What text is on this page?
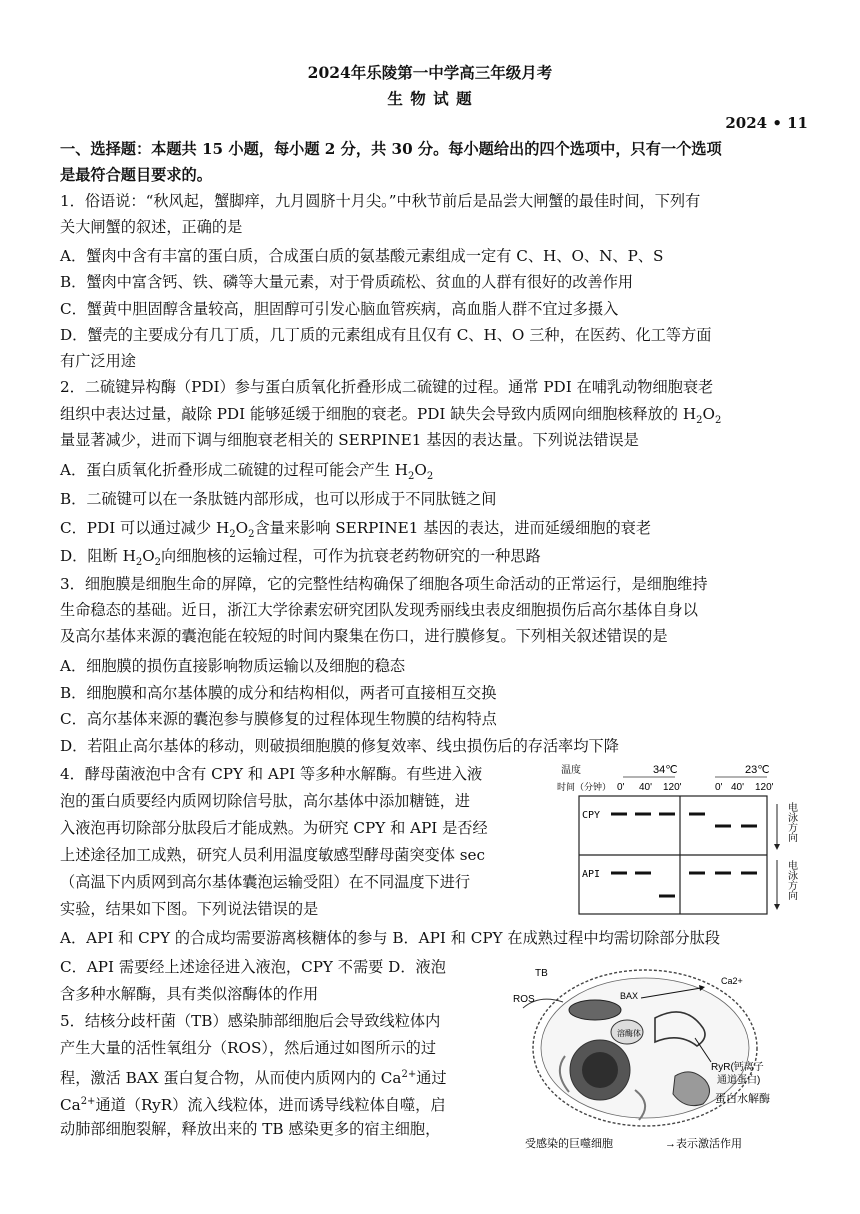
2024年乐陵第一中学高三年级月考
生 物 试 题
2024 • 11
一、选择题：本题共 15 小题，每小题 2 分，共 30 分。每小题给出的四个选项中，只有一个选项
是最符合题目要求的。
1．俗语说：“秋风起，蟹脚痒，九月圆脐十月尖。”中秋节前后是品尝大闸蟹的最佳时间，下列有
关大闸蟹的叙述，正确的是
A．蟹肉中含有丰富的蛋白质，合成蛋白质的氨基酸元素组成一定有 C、H、O、N、P、S
B．蟹肉中富含钙、铁、磷等大量元素，对于骨质疏松、贫血的人群有很好的改善作用
C．蟹黄中胆固醇含量较高，胆固醇可引发心脑血管疾病，高血脂人群不宜过多摄入
D．蟹壳的主要成分有几丁质，几丁质的元素组成有且仅有 C、H、O 三种，在医药、化工等方面
有广泛用途
2．二硫键异构酶（PDI）参与蛋白质氧化折叠形成二硫键的过程。通常 PDI 在哺乳动物细胞衰老
组织中表达过量，敲除 PDI 能够延缓于细胞的衰老。PDI 缺失会导致内质网向细胞核释放的 $H_2O_2$
量显著减少，进而下调与细胞衰老相关的 SERPINE1 基因的表达量。下列说法错误是
A．蛋白质氧化折叠形成二硫键的过程可能会产生 $H_2O_2$
B．二硫键可以在一条肽链内部形成，也可以形成于不同肽链之间
C．PDI 可以通过减少 $H_2O_2$含量来影响 SERPINE1 基因的表达，进而延缓细胞的衰老
D．阻断 $H_2O_2$向细胞核的运输过程，可作为抗衰老药物研究的一种思路
3．细胞膜是细胞生命的屏障，它的完整性结构确保了细胞各项生命活动的正常运行，是细胞维持
生命稳态的基础。近日，浙江大学徐素宏研究团队发现秀丽线虫表皮细胞损伤后高尔基体自身以
及高尔基体来源的囊泡能在较短的时间内聚集在伤口，进行膜修复。下列相关叙述错误的是
A．细胞膜的损伤直接影响物质运输以及细胞的稳态
B．细胞膜和高尔基体膜的成分和结构相似，两者可直接相互交换
C．高尔基体来源的囊泡参与膜修复的过程体现生物膜的结构特点
D．若阻止高尔基体的移动，则破损细胞膜的修复效率、线虫损伤后的存活率均下降
4．酵母菌液泡中含有 CPY 和 API 等多种水解酶。有些进入液
泡的蛋白质要经内质网切除信号肽，高尔基体中添加糖链，进
入液泡再切除部分肽段后才能成熟。为研究 CPY 和 API 是否经
上述途径加工成熟，研究人员利用温度敏感型酵母菌突变体 sec
（高温下内质网到高尔基体囊泡运输受阻）在不同温度下进行
实验，结果如下图。下列说法错误的是
A．API 和 CPY 的合成均需要游离核糖体的参与 B．API 和 CPY 在成熟过程中均需切除部分肽段
C．API 需要经上述途径进入液泡，CPY 不需要 D．液泡
含多种水解酶，具有类似溶酶体的作用
5．结核分歧杆菌（TB）感染肺部细胞后会导致线粒体内
产生大量的活性氧组分（ROS），然后通过如图所示的过
程，激活 BAX 蛋白复合物，从而使内质网内的 $Ca^{2+}$通过
$Ca^{2+}$通道（RyR）流入线粒体，进而诱导线粒体自噬，启
动肺部细胞裂解，释放出来的 TB 感染更多的宿主细胞，
温度
时间（分钟）
34℃	23℃
0' 40' 120'	0' 40' 120'
CPY
API
电泳方向
电泳方向
TB
ROS	BAX
溶酶体
Ca2+
RyR(钙离子
通道蛋白)
蛋白水解酶
受感染的巨噬细胞	→表示激活作用
